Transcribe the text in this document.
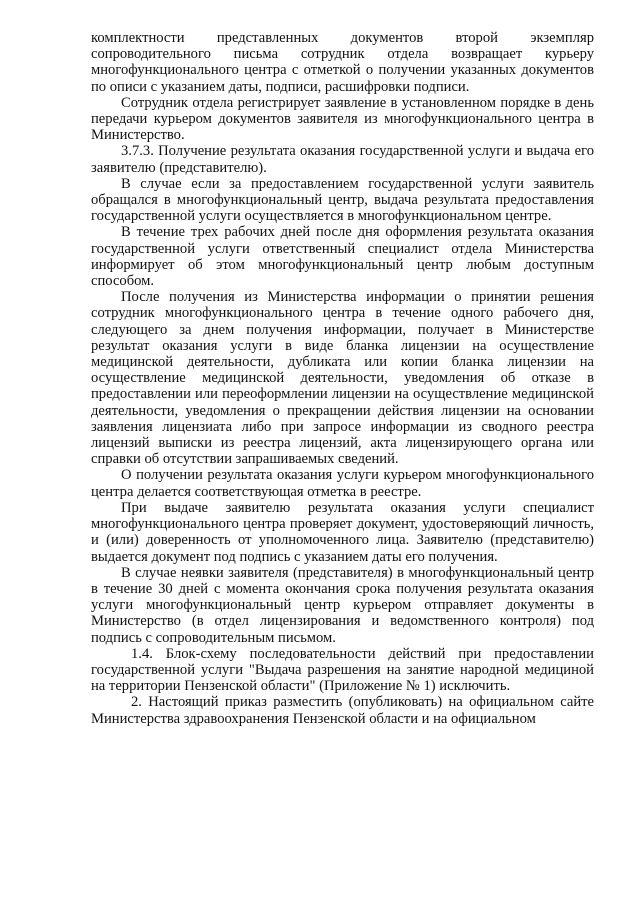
комплектности представленных документов второй экземпляр сопроводительного письма сотрудник отдела возвращает курьеру многофункционального центра с отметкой о получении указанных документов по описи с указанием даты, подписи, расшифровки подписи.

Сотрудник отдела регистрирует заявление в установленном порядке в день передачи курьером документов заявителя из многофункционального центра в Министерство.

3.7.3. Получение результата оказания государственной услуги и выдача его заявителю (представителю).

В случае если за предоставлением государственной услуги заявитель обращался в многофункциональный центр, выдача результата предоставления государственной услуги осуществляется в многофункциональном центре.

В течение трех рабочих дней после дня оформления результата оказания государственной услуги ответственный специалист отдела Министерства информирует об этом многофункциональный центр любым доступным способом.

После получения из Министерства информации о принятии решения сотрудник многофункционального центра в течение одного рабочего дня, следующего за днем получения информации, получает в Министерстве результат оказания услуги в виде бланка лицензии на осуществление медицинской деятельности, дубликата или копии бланка лицензии на осуществление медицинской деятельности, уведомления об отказе в предоставлении или переоформлении лицензии на осуществление медицинской деятельности, уведомления о прекращении действия лицензии на основании заявления лицензиата либо при запросе информации из сводного реестра лицензий выписки из реестра лицензий, акта лицензирующего органа или справки об отсутствии запрашиваемых сведений.

О получении результата оказания услуги курьером многофункционального центра делается соответствующая отметка в реестре.

При выдаче заявителю результата оказания услуги специалист многофункционального центра проверяет документ, удостоверяющий личность, и (или) доверенность от уполномоченного лица. Заявителю (представителю) выдается документ под подпись с указанием даты его получения.

В случае неявки заявителя (представителя) в многофункциональный центр в течение 30 дней с момента окончания срока получения результата оказания услуги многофункциональный центр курьером отправляет документы в Министерство (в отдел лицензирования и ведомственного контроля) под подпись с сопроводительным письмом.

1.4. Блок-схему последовательности действий при предоставлении государственной услуги "Выдача разрешения на занятие народной медициной на территории Пензенской области" (Приложение № 1) исключить.

2. Настоящий приказ разместить (опубликовать) на официальном сайте Министерства здравоохранения Пензенской области и на официальном
